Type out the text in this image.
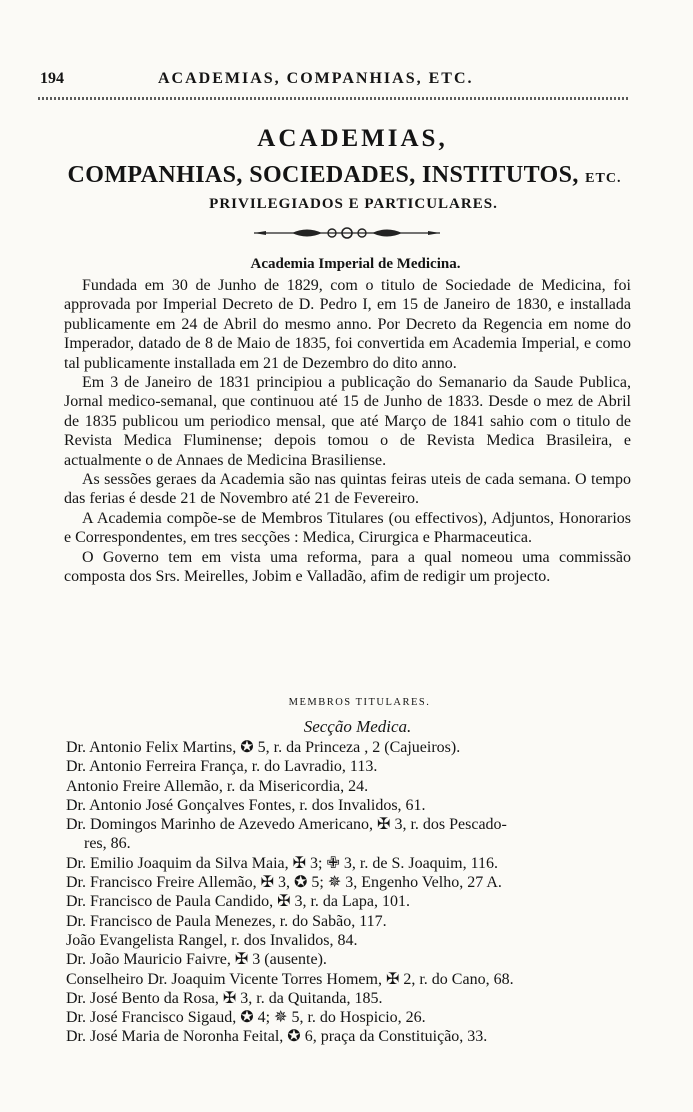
194	ACADEMIAS, COMPANHIAS, ETC.
ACADEMIAS,
COMPANHIAS, SOCIEDADES, INSTITUTOS, ETC.
PRIVILEGIADOS E PARTICULARES.
Academia Imperial de Medicina.

Fundada em 30 de Junho de 1829, com o titulo de Sociedade de Medicina, foi approvada por Imperial Decreto de D. Pedro I, em 15 de Janeiro de 1830, e installada publicamente em 24 de Abril do mesmo anno. Por Decreto da Regencia em nome do Imperador, datado de 8 de Maio de 1835, foi convertida em Academia Imperial, e como tal publicamente installada em 21 de Dezembro do dito anno.

Em 3 de Janeiro de 1831 principiou a publicação do Semanario da Saude Publica, Jornal medico-semanal, que continuou até 15 de Junho de 1833. Desde o mez de Abril de 1835 publicou um periodico mensal, que até Março de 1841 sahio com o titulo de Revista Medica Fluminense; depois tomou o de Revista Medica Brasileira, e actualmente o de Annaes de Medicina Brasiliense.

As sessões geraes da Academia são nas quintas feiras uteis de cada semana. O tempo das ferias é desde 21 de Novembro até 21 de Fevereiro.

A Academia compõe-se de Membros Titulares (ou effectivos), Adjuntos, Honorarios e Correspondentes, em tres secções : Medica, Cirurgica e Pharmaceutica.

O Governo tem em vista uma reforma, para a qual nomeou uma commissão composta dos Srs. Meirelles, Jobim e Valladão, afim de redigir um projecto.

MEMBROS TITULARES.
Secção Medica.
Dr. Antonio Felix Martins, ✪ 5, r. da Princeza , 2 (Cajueiros).
Dr. Antonio Ferreira França, r. do Lavradio, 113.
Antonio Freire Allemão, r. da Misericordia, 24.
Dr. Antonio José Gonçalves Fontes, r. dos Invalidos, 61.
Dr. Domingos Marinho de Azevedo Americano, ✠ 3, r. dos Pescado-
res, 86.
Dr. Emilio Joaquim da Silva Maia, ✠ 3; ✙ 3, r. de S. Joaquim, 116.
Dr. Francisco Freire Allemão, ✠ 3, ✪ 5; ✵ 3, Engenho Velho, 27 A.
Dr. Francisco de Paula Candido, ✠ 3, r. da Lapa, 101.
Dr. Francisco de Paula Menezes, r. do Sabão, 117.
João Evangelista Rangel, r. dos Invalidos, 84.
Dr. João Mauricio Faivre, ✠ 3 (ausente).
Conselheiro Dr. Joaquim Vicente Torres Homem, ✠ 2, r. do Cano, 68.
Dr. José Bento da Rosa, ✠ 3, r. da Quitanda, 185.
Dr. José Francisco Sigaud, ✪ 4; ✵ 5, r. do Hospicio, 26.
Dr. José Maria de Noronha Feital, ✪ 6, praça da Constituição, 33.
